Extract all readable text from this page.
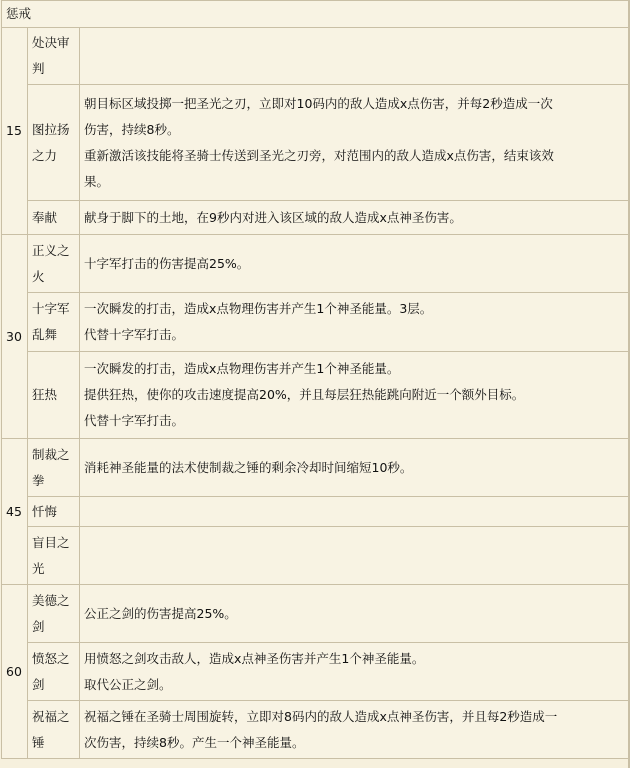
惩戒		
15	处决审
判	

	图拉扬
之力	朝目标区域投掷一把圣光之刃，立即对10码内的敌人造成x点伤害，并每2秒造成一次
伤害，持续8秒。
重新激活该技能将圣骑士传送到圣光之刃旁，对范围内的敌人造成x点伤害，结束该效
果。

	奉献	献身于脚下的土地，在9秒内对进入该区域的敌人造成x点神圣伤害。

30	正义之
火	十字军打击的伤害提高25%。

	十字军
乱舞	一次瞬发的打击，造成x点物理伤害并产生1个神圣能量。3层。
代替十字军打击。

	狂热	一次瞬发的打击，造成x点物理伤害并产生1个神圣能量。
提供狂热，使你的攻击速度提高20%，并且每层狂热能跳向附近一个额外目标。
代替十字军打击。

45	制裁之
拳	消耗神圣能量的法术使制裁之锤的剩余冷却时间缩短10秒。

	忏悔	

	盲目之
光	

60	美德之
剑	公正之剑的伤害提高25%。

	愤怒之
剑	用愤怒之剑攻击敌人，造成x点神圣伤害并产生1个神圣能量。
取代公正之剑。

	祝福之
锤	祝福之锤在圣骑士周围旋转，立即对8码内的敌人造成x点神圣伤害，并且每2秒造成一
次伤害，持续8秒。产生一个神圣能量。
